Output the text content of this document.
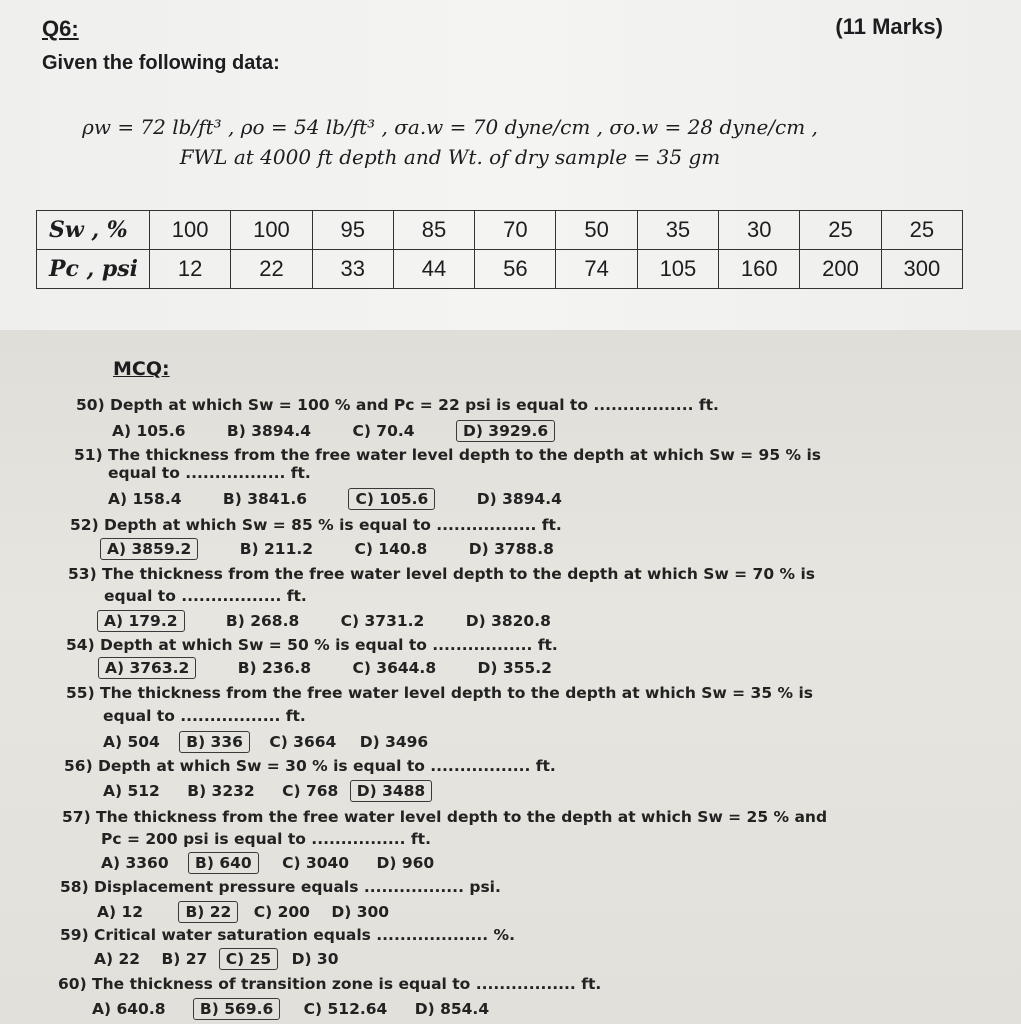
Q6:	(11 Marks)
Given the following data:
ρw = 72 lb/ft³ , ρo = 54 lb/ft³ , σa.w = 70 dyne/cm , σo.w = 28 dyne/cm ,
FWL at 4000 ft depth and Wt. of dry sample = 35 gm
Sw , %	100	100	95	85	70	50	35	30	25	25
Pc , psi	12	22	33	44	56	74	105	160	200	300
MCQ:
50) Depth at which Sw = 100 % and Pc = 22 psi is equal to ................. ft.
A) 105.6	B) 3894.4	C) 70.4	D) 3929.6
51) The thickness from the free water level depth to the depth at which Sw = 95 % is
equal to ................. ft.
A) 158.4	B) 3841.6	C) 105.6	D) 3894.4
52) Depth at which Sw = 85 % is equal to ................. ft.
A) 3859.2	B) 211.2	C) 140.8	D) 3788.8
53) The thickness from the free water level depth to the depth at which Sw = 70 % is
equal to ................. ft.
A) 179.2	B) 268.8	C) 3731.2	D) 3820.8
54) Depth at which Sw = 50 % is equal to ................. ft.
A) 3763.2	B) 236.8	C) 3644.8	D) 355.2
55) The thickness from the free water level depth to the depth at which Sw = 35 % is
equal to ................. ft.
A) 504 B) 336 C) 3664 D) 3496
56) Depth at which Sw = 30 % is equal to ................. ft.
A) 512 B) 3232 C) 768 D) 3488
57) The thickness from the free water level depth to the depth at which Sw = 25 % and
Pc = 200 psi is equal to ................ ft.
A) 3360 B) 640 C) 3040 D) 960
58) Displacement pressure equals ................. psi.
A) 12	B) 22 C) 200 D) 300
59) Critical water saturation equals ................... %.
A) 22 B) 27 C) 25 D) 30
60) The thickness of transition zone is equal to ................. ft.
A) 640.8 B) 569.6 C) 512.64 D) 854.4
